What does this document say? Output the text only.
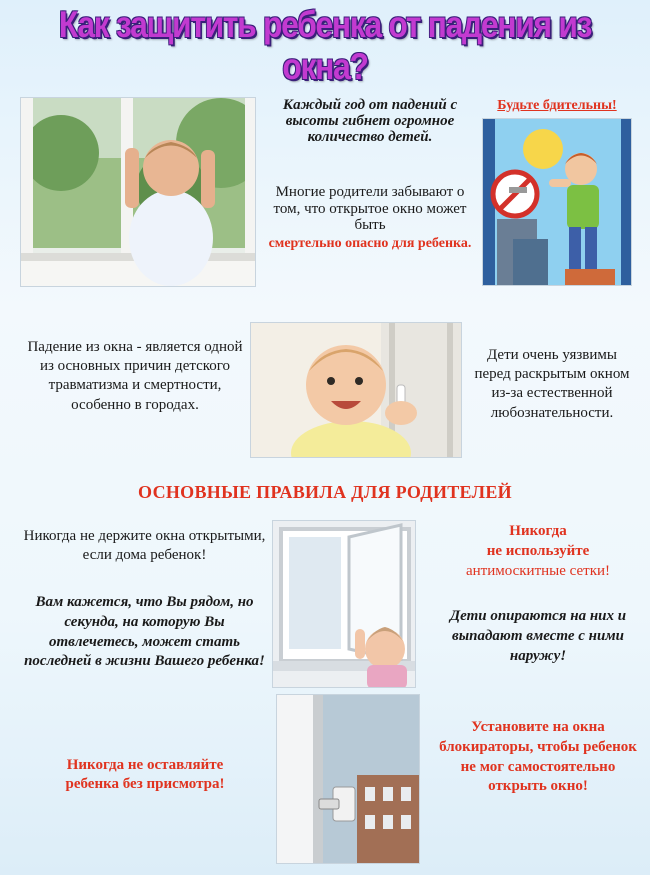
Как защитить ребенка от падения из окна?
Каждый год от падений с высоты гибнет огромное количество детей.
Многие родители забывают о том, что открытое окно может быть
смертельно опасно для ребенка.
Будьте бдительны!
Падение из окна - является одной из основных причин детского травматизма и смертности, особенно в городах.
Дети очень уязвимы перед раскрытым окном из-за естественной любознательности.
ОСНОВНЫЕ ПРАВИЛА ДЛЯ РОДИТЕЛЕЙ
Никогда не держите окна открытыми, если дома ребенок!
Вам кажется, что Вы рядом, но секунда, на которую Вы отвлечетесь, может стать последней в жизни Вашего ребенка!
Никогда не оставляйте ребенка без присмотра!
Никогда
не используйте
антимоскитные сетки!
Дети опираются на них и выпадают вместе с ними наружу!
Установите на окна блокираторы, чтобы ребенок не мог самостоятельно открыть окно!
